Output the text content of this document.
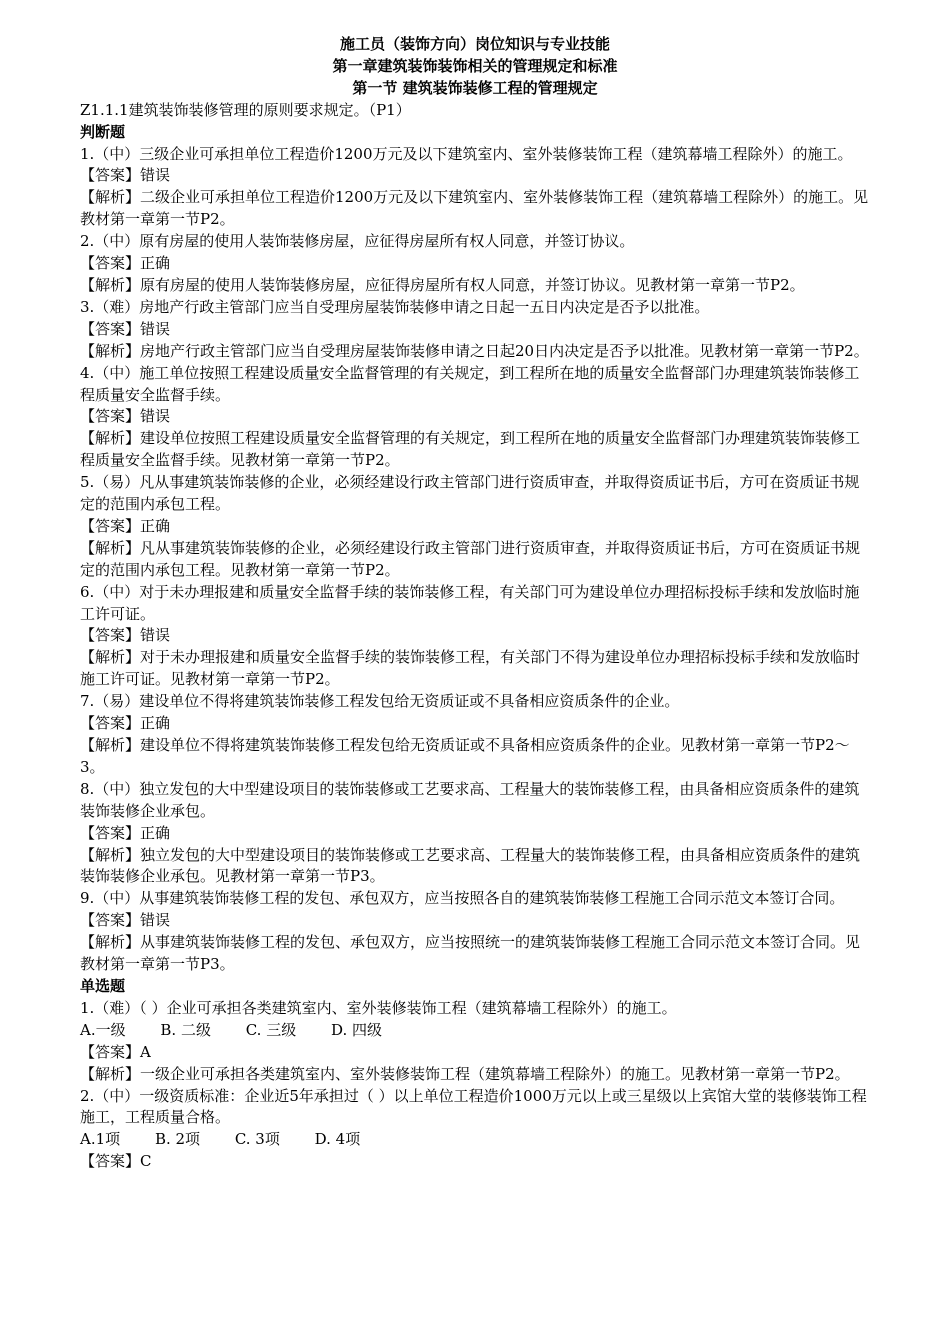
施工员（装饰方向）岗位知识与专业技能
第一章建筑装饰装饰相关的管理规定和标准
第一节 建筑装饰装修工程的管理规定
Z1.1.1建筑装饰装修管理的原则要求规定。（P1）
判断题
1.（中）三级企业可承担单位工程造价1200万元及以下建筑室内、室外装修装饰工程（建筑幕墙工程除外）的施工。
【答案】错误
【解析】二级企业可承担单位工程造价1200万元及以下建筑室内、室外装修装饰工程（建筑幕墙工程除外）的施工。见教材第一章第一节P2。
2.（中）原有房屋的使用人装饰装修房屋，应征得房屋所有权人同意，并签订协议。
【答案】正确
【解析】原有房屋的使用人装饰装修房屋，应征得房屋所有权人同意，并签订协议。见教材第一章第一节P2。
3.（难）房地产行政主管部门应当自受理房屋装饰装修申请之日起一五日内决定是否予以批准。
【答案】错误
【解析】房地产行政主管部门应当自受理房屋装饰装修申请之日起20日内决定是否予以批准。见教材第一章第一节P2。
4.（中）施工单位按照工程建设质量安全监督管理的有关规定，到工程所在地的质量安全监督部门办理建筑装饰装修工程质量安全监督手续。
【答案】错误
【解析】建设单位按照工程建设质量安全监督管理的有关规定，到工程所在地的质量安全监督部门办理建筑装饰装修工程质量安全监督手续。见教材第一章第一节P2。
5.（易）凡从事建筑装饰装修的企业，必须经建设行政主管部门进行资质审查，并取得资质证书后，方可在资质证书规定的范围内承包工程。
【答案】正确
【解析】凡从事建筑装饰装修的企业，必须经建设行政主管部门进行资质审查，并取得资质证书后，方可在资质证书规定的范围内承包工程。见教材第一章第一节P2。
6.（中）对于未办理报建和质量安全监督手续的装饰装修工程，有关部门可为建设单位办理招标投标手续和发放临时施工许可证。
【答案】错误
【解析】对于未办理报建和质量安全监督手续的装饰装修工程，有关部门不得为建设单位办理招标投标手续和发放临时施工许可证。见教材第一章第一节P2。
7.（易）建设单位不得将建筑装饰装修工程发包给无资质证或不具备相应资质条件的企业。
【答案】正确
【解析】建设单位不得将建筑装饰装修工程发包给无资质证或不具备相应资质条件的企业。见教材第一章第一节P2～3。
8.（中）独立发包的大中型建设项目的装饰装修或工艺要求高、工程量大的装饰装修工程，由具备相应资质条件的建筑装饰装修企业承包。
【答案】正确
【解析】独立发包的大中型建设项目的装饰装修或工艺要求高、工程量大的装饰装修工程，由具备相应资质条件的建筑装饰装修企业承包。见教材第一章第一节P3。
9.（中）从事建筑装饰装修工程的发包、承包双方，应当按照各自的建筑装饰装修工程施工合同示范文本签订合同。
【答案】错误
【解析】从事建筑装饰装修工程的发包、承包双方，应当按照统一的建筑装饰装修工程施工合同示范文本签订合同。见教材第一章第一节P3。
单选题
1.（难）（ ）企业可承担各类建筑室内、室外装修装饰工程（建筑幕墙工程除外）的施工。
A.一级 B. 二级 C. 三级 D. 四级
【答案】A
【解析】一级企业可承担各类建筑室内、室外装修装饰工程（建筑幕墙工程除外）的施工。见教材第一章第一节P2。
2.（中）一级资质标准：企业近5年承担过（ ）以上单位工程造价1000万元以上或三星级以上宾馆大堂的装修装饰工程施工，工程质量合格。
A.1项 B. 2项 C. 3项 D. 4项
【答案】C
